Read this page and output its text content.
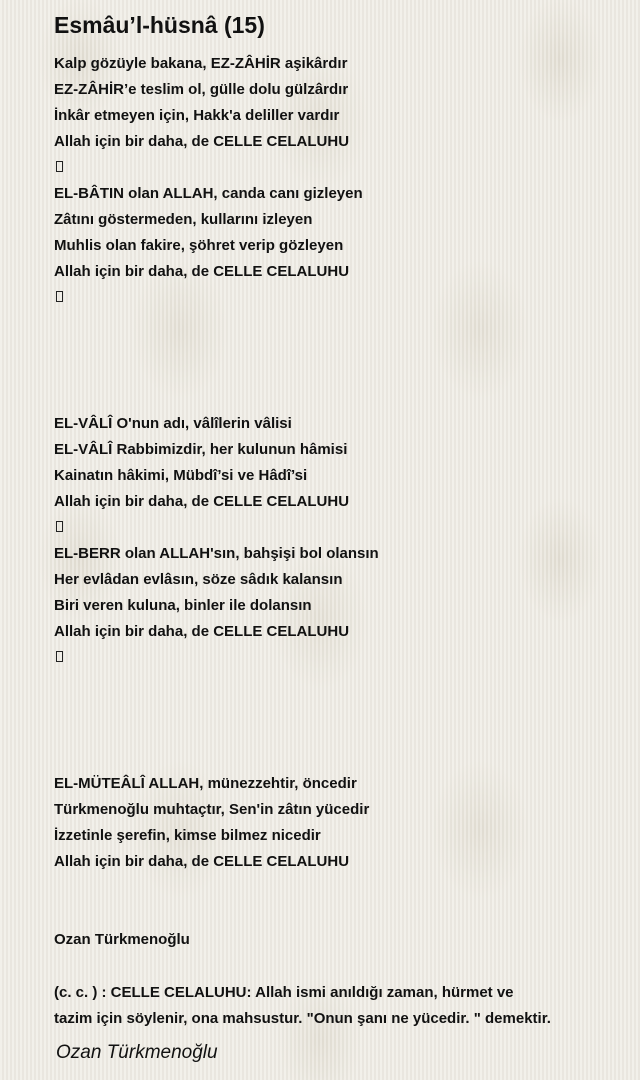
Esmâu’l-hüsnâ (15)
Kalp gözüyle bakana, EZ-ZÂHİR aşikârdır
EZ-ZÂHİR’e teslim ol, gülle dolu gülzârdır
İnkâr etmeyen için, Hakk'a deliller vardır
Allah için bir daha, de CELLE CELALUHU
EL-BÂTIN olan ALLAH, canda canı gizleyen
Zâtını göstermeden, kullarını izleyen
Muhlis olan fakire, şöhret verip gözleyen
Allah için bir daha, de CELLE CELALUHU
EL-VÂLÎ O'nun adı, vâlîlerin vâlisi
EL-VÂLÎ Rabbimizdir, her kulunun hâmisi
Kainatın hâkimi, Mübdî’si ve Hâdî’si
Allah için bir daha, de CELLE CELALUHU
EL-BERR olan ALLAH'sın, bahşişi bol olansın
Her evlâdan evlâsın, söze sâdık kalansın
Biri veren kuluna, binler ile dolansın
Allah için bir daha, de CELLE CELALUHU
EL-MÜTEÂLÎ ALLAH, münezzehtir, öncedir
Türkmenoğlu muhtaçtır, Sen'in zâtın yücedir
İzzetinle şerefin, kimse bilmez nicedir
Allah için bir daha, de CELLE CELALUHU
Ozan Türkmenoğlu
(c. c. ) : CELLE CELALUHU: Allah ismi anıldığı zaman, hürmet ve
tazim için söylenir, ona mahsustur. "Onun şanı ne yücedir. " demektir.
Ozan Türkmenoğlu
